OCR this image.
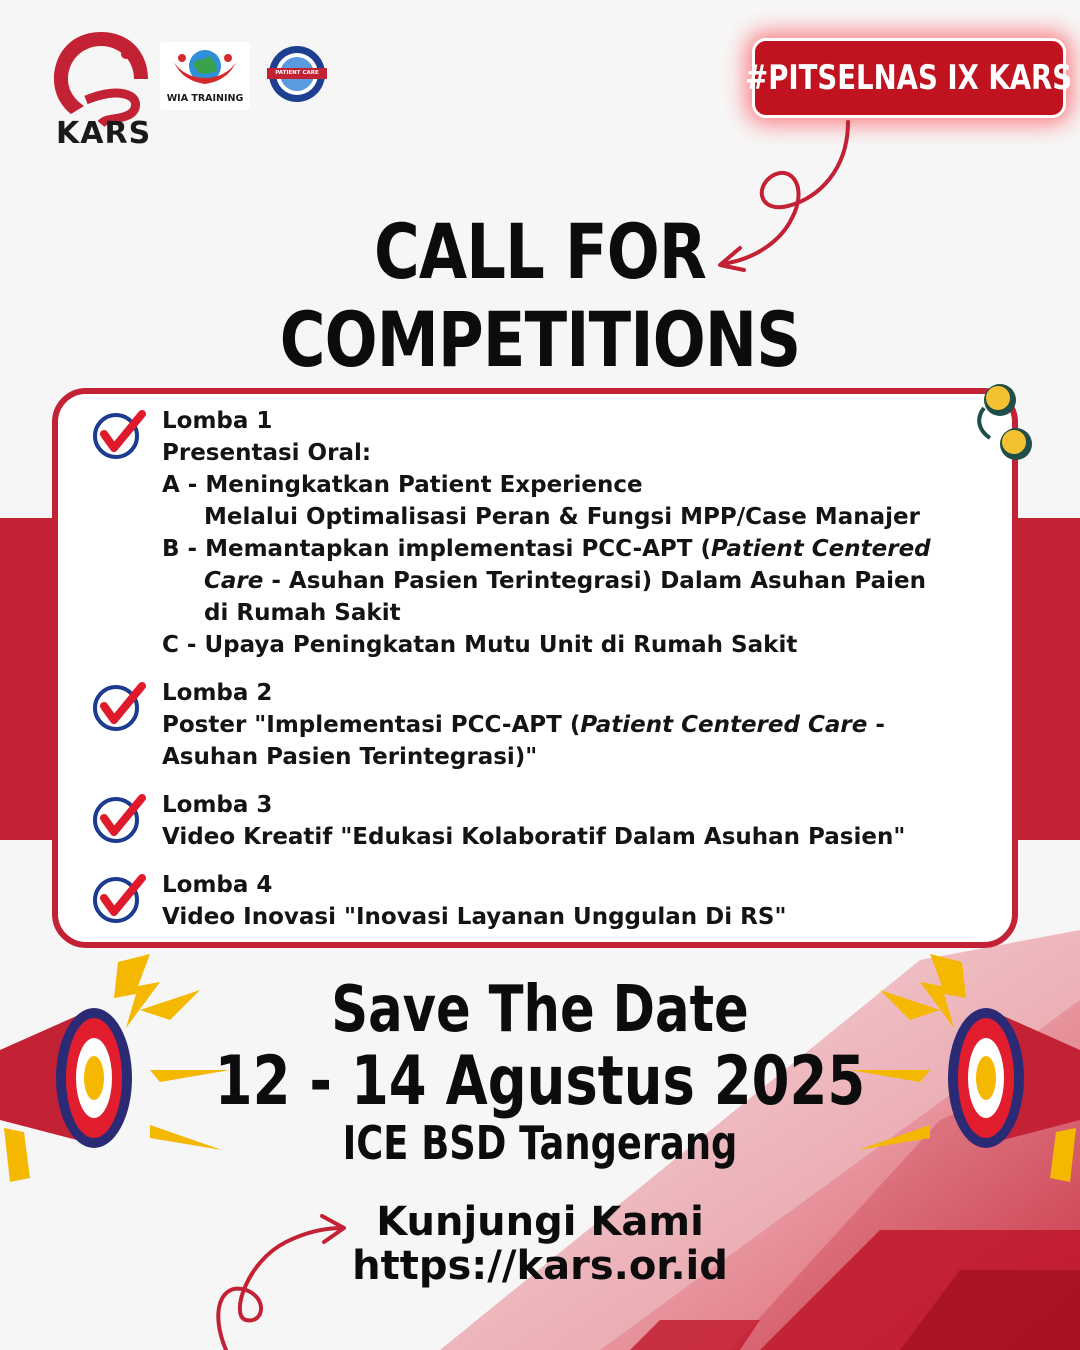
KARS
WIA TRAINING
PATIENT CARE	#PITSELNAS IX KARS
CALL FOR
COMPETITIONS
Lomba 1
Presentasi Oral:
A - Meningkatkan Patient Experience
Melalui Optimalisasi Peran & Fungsi MPP/Case Manajer
B - Memantapkan implementasi PCC-APT (Patient Centered
Care - Asuhan Pasien Terintegrasi) Dalam Asuhan Paien
di Rumah Sakit
C - Upaya Peningkatan Mutu Unit di Rumah Sakit
Lomba 2
Poster "Implementasi PCC-APT (Patient Centered Care -
Asuhan Pasien Terintegrasi)"
Lomba 3
Video Kreatif "Edukasi Kolaboratif Dalam Asuhan Pasien"
Lomba 4
Video Inovasi "Inovasi Layanan Unggulan Di RS"
Save The Date
12 - 14 Agustus 2025
ICE BSD Tangerang
Kunjungi Kami
https://kars.or.id
